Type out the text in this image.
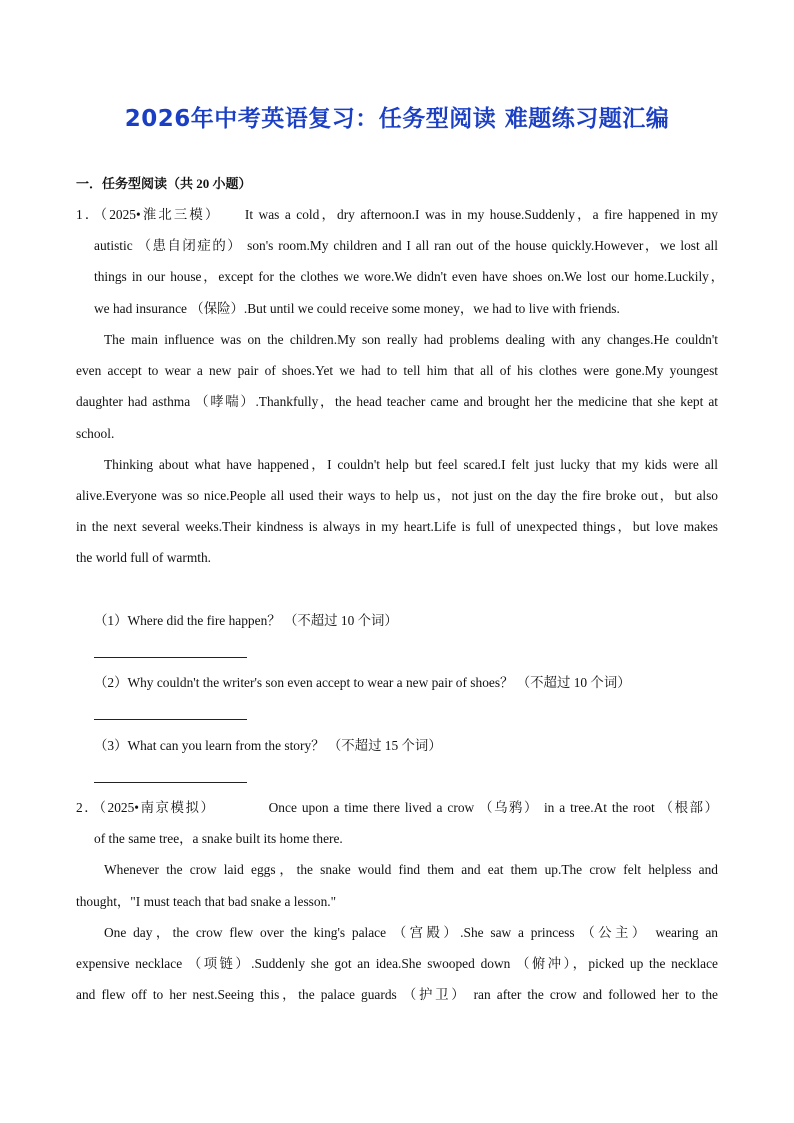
2026年中考英语复习：任务型阅读 难题练习题汇编
一．任务型阅读（共 20 小题）
1．（2025•淮北三模）　　It was a cold，dry afternoon.I was in my house.Suddenly，a fire happened in my
autistic （患自闭症的） son's room.My children and I all ran out of the house quickly.However，we lost all
things in our house，except for the clothes we wore.We didn't even have shoes on.We lost our home.Luckily，
we had insurance （保险）.But until we could receive some money，we had to live with friends.
The main influence was on the children.My son really had problems dealing with any changes.He couldn't
even accept to wear a new pair of shoes.Yet we had to tell him that all of his clothes were gone.My youngest
daughter had asthma （哮喘）.Thankfully，the head teacher came and brought her the medicine that she kept at
school.
Thinking about what have happened，I couldn't help but feel scared.I felt just lucky that my kids were all
alive.Everyone was so nice.People all used their ways to help us，not just on the day the fire broke out，but also
in the next several weeks.Their kindness is always in my heart.Life is full of unexpected things，but love makes
the world full of warmth.
（1）Where did the fire happen？ （不超过 10 个词）
（2）Why couldn't the writer's son even accept to wear a new pair of shoes？ （不超过 10 个词）
（3）What can you learn from the story？ （不超过 15 个词）
2．（2025•南京模拟）　　　　Once upon a time there lived a crow （乌鸦） in a tree.At the root （根部）
of the same tree，a snake built its home there.
Whenever the crow laid eggs，the snake would find them and eat them up.The crow felt helpless and
thought，"I must teach that bad snake a lesson."
One day，the crow flew over the king's palace （宫殿）.She saw a princess （公主） wearing an
expensive necklace （项链）.Suddenly she got an idea.She swooped down （俯冲），picked up the necklace
and flew off to her nest.Seeing this，the palace guards （护卫） ran after the crow and followed her to the
